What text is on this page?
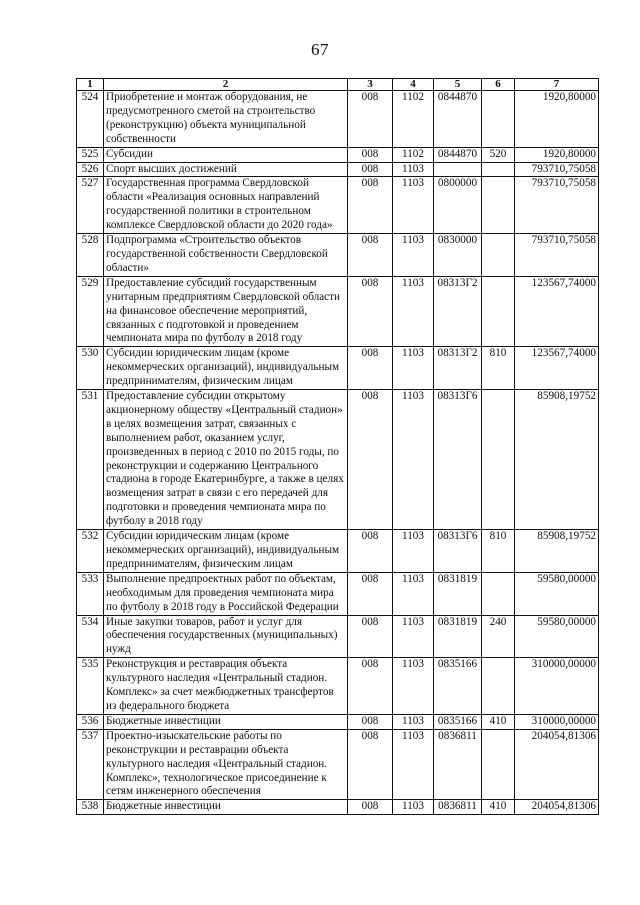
67
1	2	3	4	5	6	7
524	Приобретение и монтаж оборудования, не предусмотренного сметой на строительство (реконструкцию) объекта муниципальной собственности	008	1102	0844870		1920,80000
525	Субсидии	008	1102	0844870	520	1920,80000
526	Спорт высших достижений	008	1103			793710,75058
527	Государственная программа Свердловской области «Реализация основных направлений государственной политики в строительном комплексе Свердловской области до 2020 года»	008	1103	0800000		793710,75058
528	Подпрограмма «Строительство объектов государственной собственности Свердловской области»	008	1103	0830000		793710,75058
529	Предоставление субсидий государственным унитарным предприятиям Свердловской области на финансовое обеспечение мероприятий, связанных с подготовкой и проведением чемпионата мира по футболу в 2018 году	008	1103	08313Г2		123567,74000
530	Субсидии юридическим лицам (кроме некоммерческих организаций), индивидуальным предпринимателям, физическим лицам	008	1103	08313Г2	810	123567,74000
531	Предоставление субсидии открытому акционерному обществу «Центральный стадион» в целях возмещения затрат, связанных с выполнением работ, оказанием услуг, произведенных в период с 2010 по 2015 годы, по реконструкции и содержанию Центрального стадиона в городе Екатеринбурге, а также в целях возмещения затрат в связи с его передачей для подготовки и проведения чемпионата мира по футболу в 2018 году	008	1103	08313Г6		85908,19752
532	Субсидии юридическим лицам (кроме некоммерческих организаций), индивидуальным предпринимателям, физическим лицам	008	1103	08313Г6	810	85908,19752
533	Выполнение предпроектных работ по объектам, необходимым для проведения чемпионата мира по футболу в 2018 году в Российской Федерации	008	1103	0831819		59580,00000
534	Иные закупки товаров, работ и услуг для обеспечения государственных (муниципальных) нужд	008	1103	0831819	240	59580,00000
535	Реконструкция и реставрация объекта культурного наследия «Центральный стадион. Комплекс» за счет межбюджетных трансфертов из федерального бюджета	008	1103	0835166		310000,00000
536	Бюджетные инвестиции	008	1103	0835166	410	310000,00000
537	Проектно-изыскательские работы по реконструкции и реставрации объекта культурного наследия «Центральный стадион. Комплекс», технологическое присоединение к сетям инженерного обеспечения	008	1103	0836811		204054,81306
538	Бюджетные инвестиции	008	1103	0836811	410	204054,81306
